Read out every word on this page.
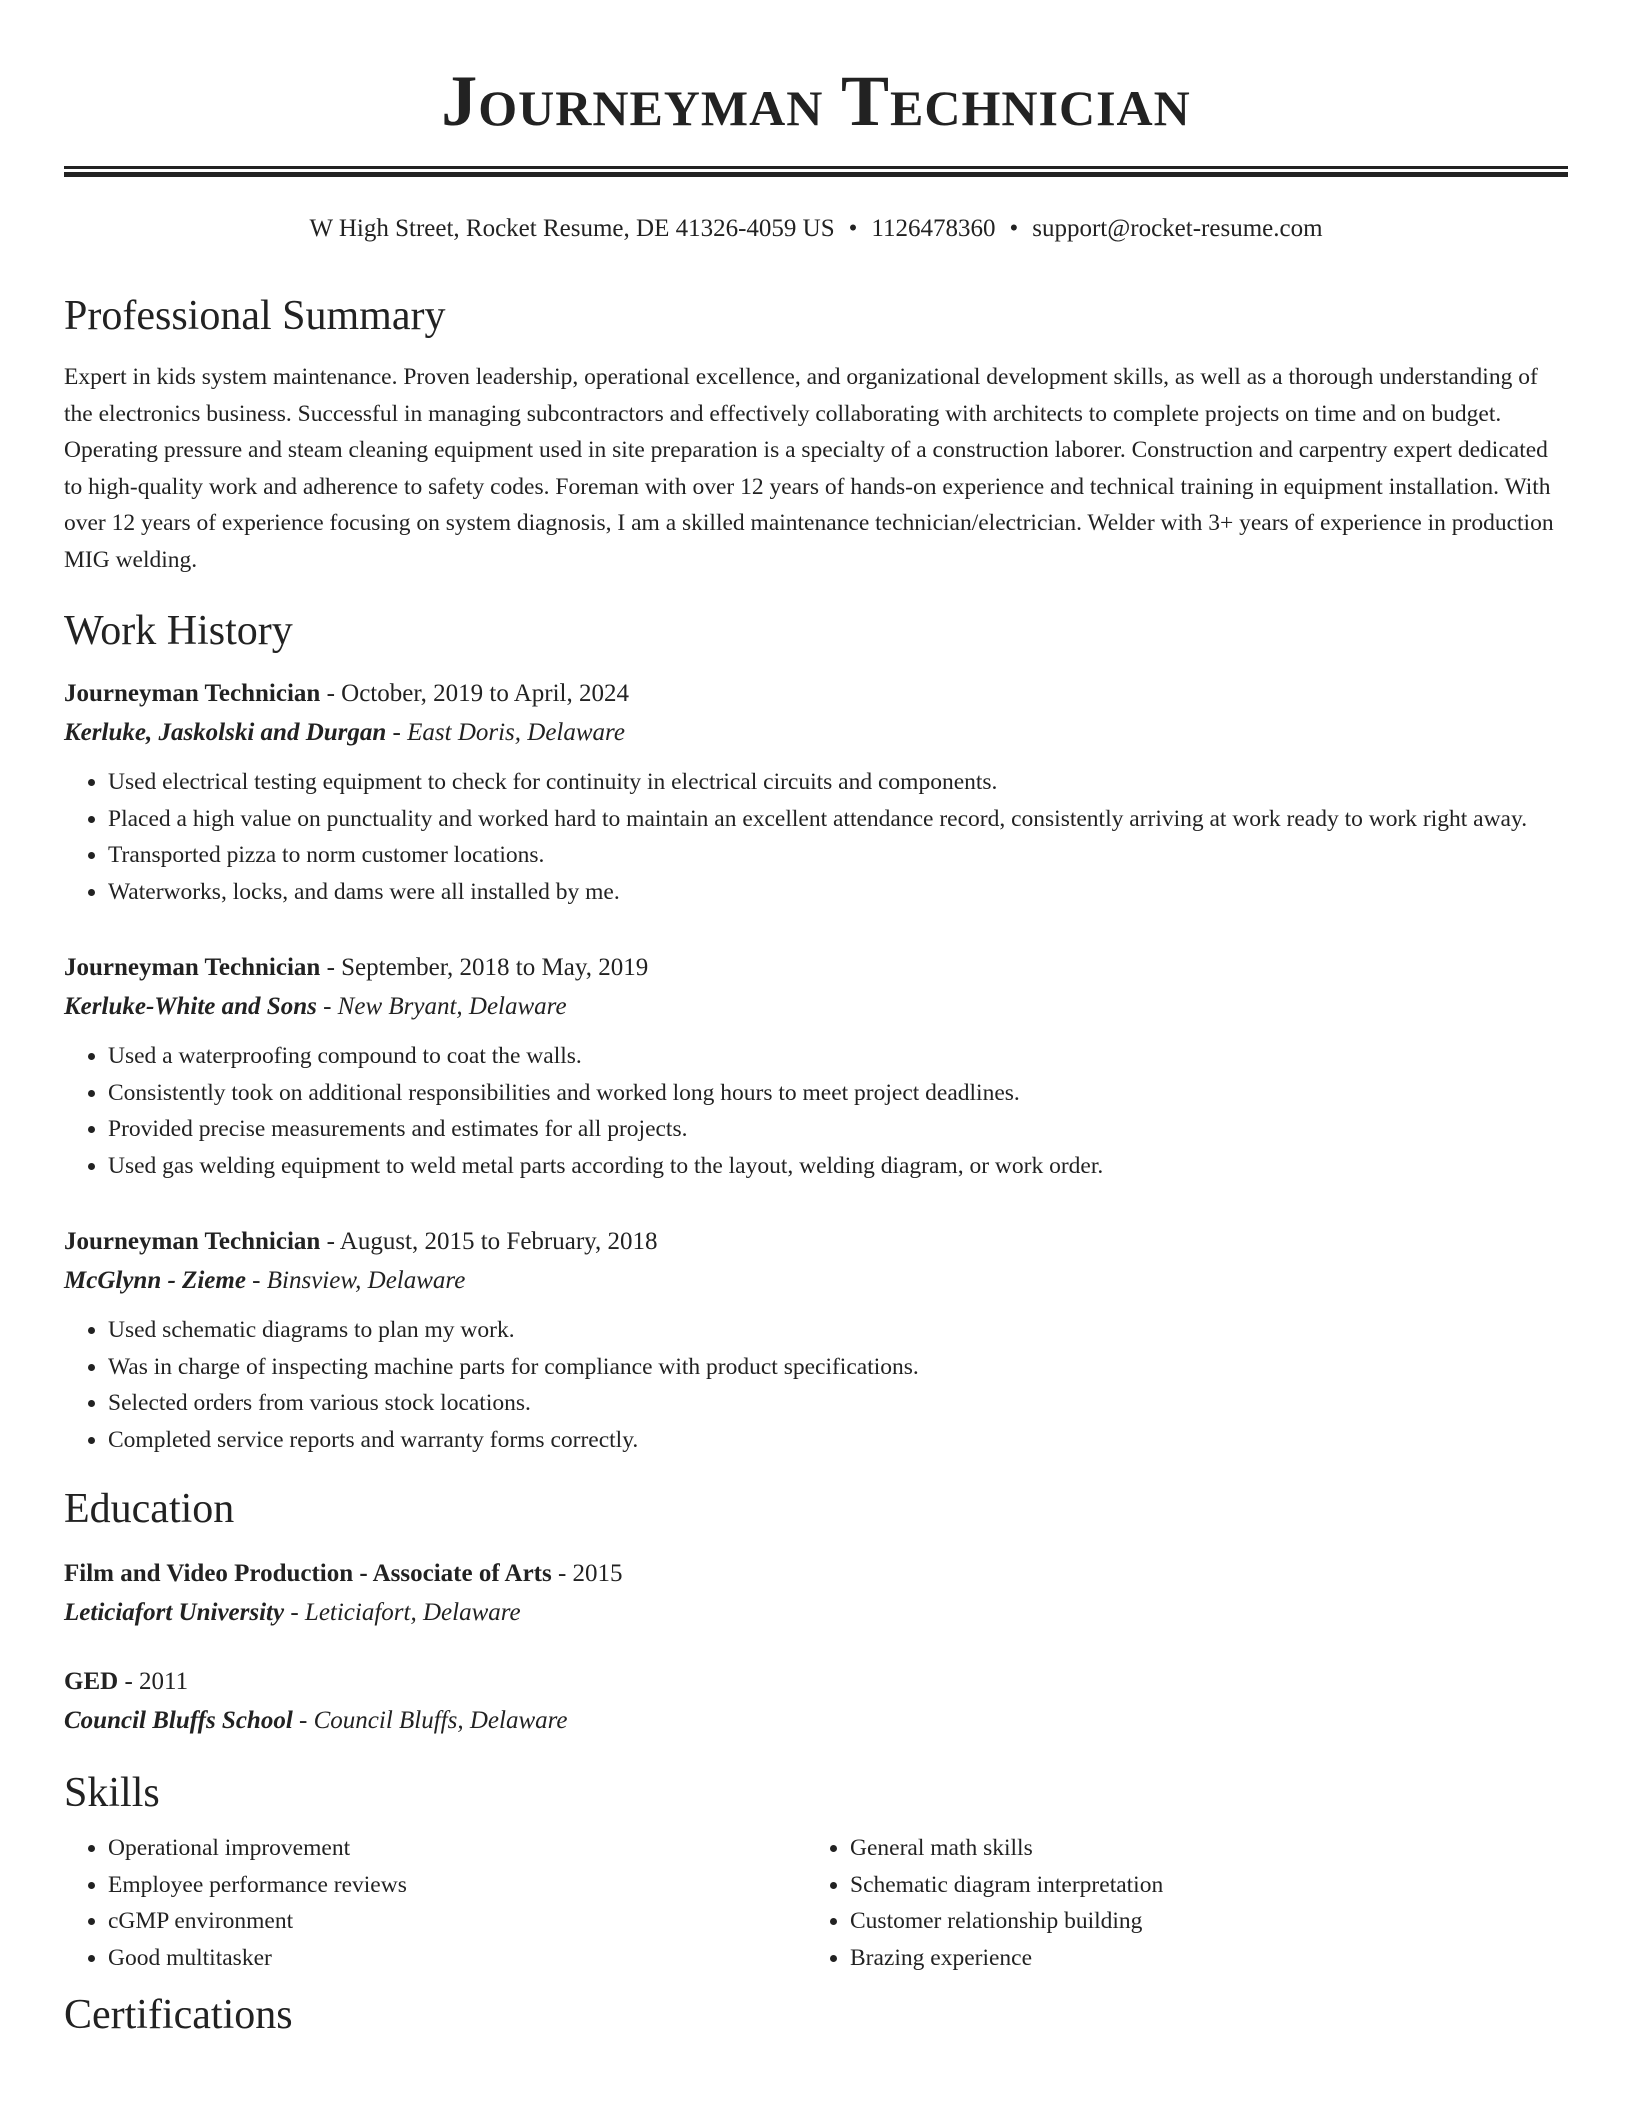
Journeyman Technician
W High Street, Rocket Resume, DE 41326-4059 US • 1126478360 • support@rocket-resume.com
Professional Summary
Expert in kids system maintenance. Proven leadership, operational excellence, and organizational development skills, as well as a thorough understanding of the electronics business. Successful in managing subcontractors and effectively collaborating with architects to complete projects on time and on budget. Operating pressure and steam cleaning equipment used in site preparation is a specialty of a construction laborer. Construction and carpentry expert dedicated to high-quality work and adherence to safety codes. Foreman with over 12 years of hands-on experience and technical training in equipment installation. With over 12 years of experience focusing on system diagnosis, I am a skilled maintenance technician/electrician. Welder with 3+ years of experience in production MIG welding.
Work History
Journeyman Technician - October, 2019 to April, 2024
Kerluke, Jaskolski and Durgan - East Doris, Delaware
• Used electrical testing equipment to check for continuity in electrical circuits and components.
• Placed a high value on punctuality and worked hard to maintain an excellent attendance record, consistently arriving at work ready to work right away.
• Transported pizza to norm customer locations.
• Waterworks, locks, and dams were all installed by me.
Journeyman Technician - September, 2018 to May, 2019
Kerluke-White and Sons - New Bryant, Delaware
• Used a waterproofing compound to coat the walls.
• Consistently took on additional responsibilities and worked long hours to meet project deadlines.
• Provided precise measurements and estimates for all projects.
• Used gas welding equipment to weld metal parts according to the layout, welding diagram, or work order.
Journeyman Technician - August, 2015 to February, 2018
McGlynn - Zieme - Binsview, Delaware
• Used schematic diagrams to plan my work.
• Was in charge of inspecting machine parts for compliance with product specifications.
• Selected orders from various stock locations.
• Completed service reports and warranty forms correctly.
Education
Film and Video Production - Associate of Arts - 2015
Leticiafort University - Leticiafort, Delaware
GED - 2011
Council Bluffs School - Council Bluffs, Delaware
Skills
• Operational improvement
• Employee performance reviews
• cGMP environment
• Good multitasker
• General math skills
• Schematic diagram interpretation
• Customer relationship building
• Brazing experience
Certifications
